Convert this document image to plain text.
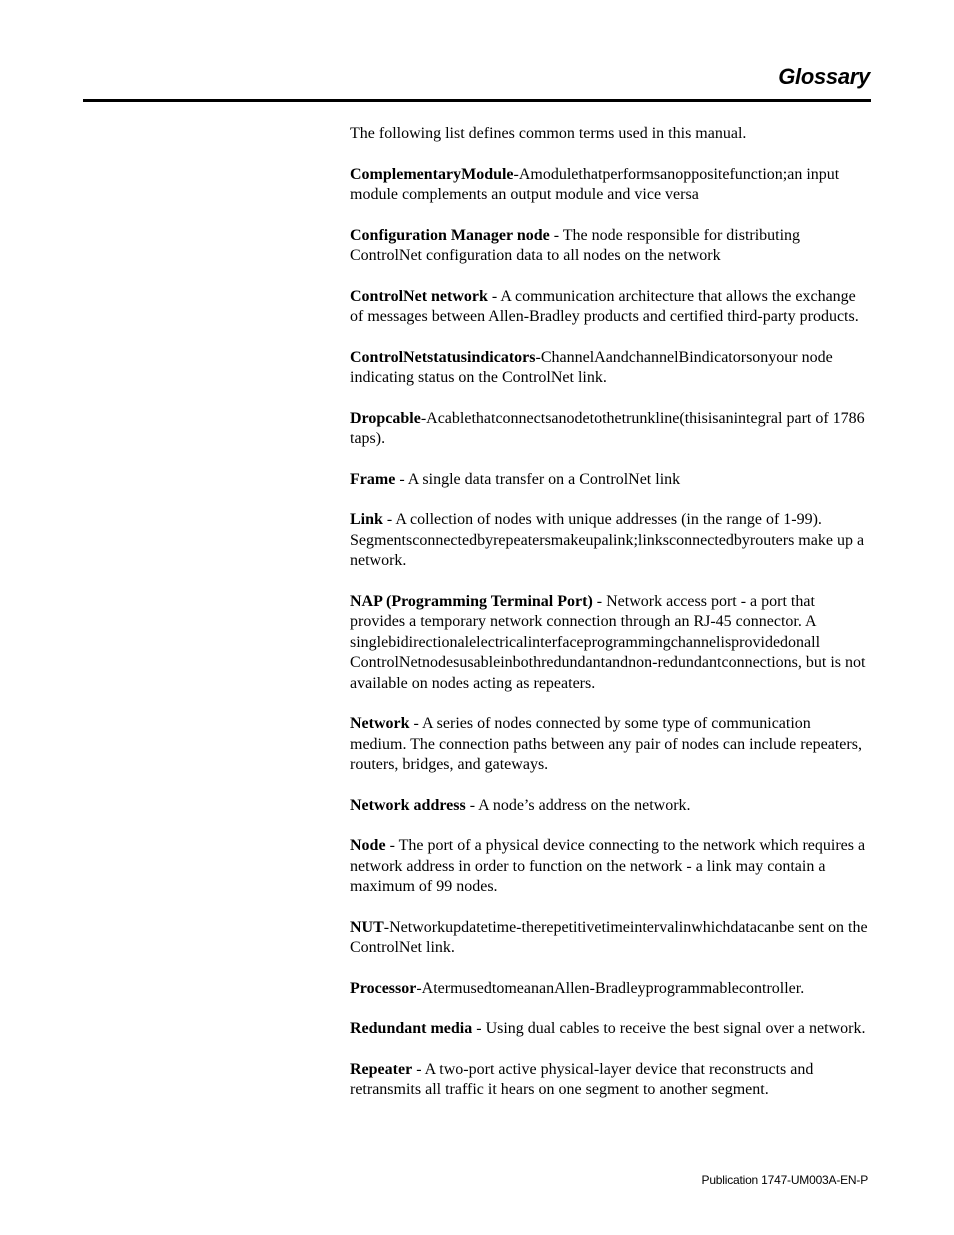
Glossary

The following list defines common terms used in this manual.

ComplementaryModule-Amodulethatperformsanoppositefunction;an input module complements an output module and vice versa

Configuration Manager node - The node responsible for distributing ControlNet configuration data to all nodes on the network

ControlNet network - A communication architecture that allows the exchange of messages between Allen-Bradley products and certified third-party products.

ControlNetstatusindicators-ChannelAandchannelBindicatorsonyour node indicating status on the ControlNet link.

Dropcable-Acablethatconnectsanodetothetrunkline(thisisanintegral part of 1786 taps).

Frame - A single data transfer on a ControlNet link

Link - A collection of nodes with unique addresses (in the range of 1-99). Segmentsconnectedbyrepeatersmakeupalink;linksconnectedbyrouters make up a network.

NAP (Programming Terminal Port) - Network access port - a port that provides a temporary network connection through an RJ-45 connector. A singlebidirectionalelectricalinterfaceprogrammingchannelisprovidedonall ControlNetnodesusableinbothredundantandnon-redundantconnections, but is not available on nodes acting as repeaters.

Network - A series of nodes connected by some type of communication medium. The connection paths between any pair of nodes can include repeaters, routers, bridges, and gateways.

Network address - A node’s address on the network.

Node - The port of a physical device connecting to the network which requires a network address in order to function on the network - a link may contain a maximum of 99 nodes.

NUT-Networkupdatetime-therepetitivetimeintervalinwhichdatacanbe sent on the ControlNet link.

Processor-AtermusedtomeananAllen-Bradleyprogrammablecontroller.

Redundant media - Using dual cables to receive the best signal over a network.

Repeater - A two-port active physical-layer device that reconstructs and retransmits all traffic it hears on one segment to another segment.

Publication 1747-UM003A-EN-P
